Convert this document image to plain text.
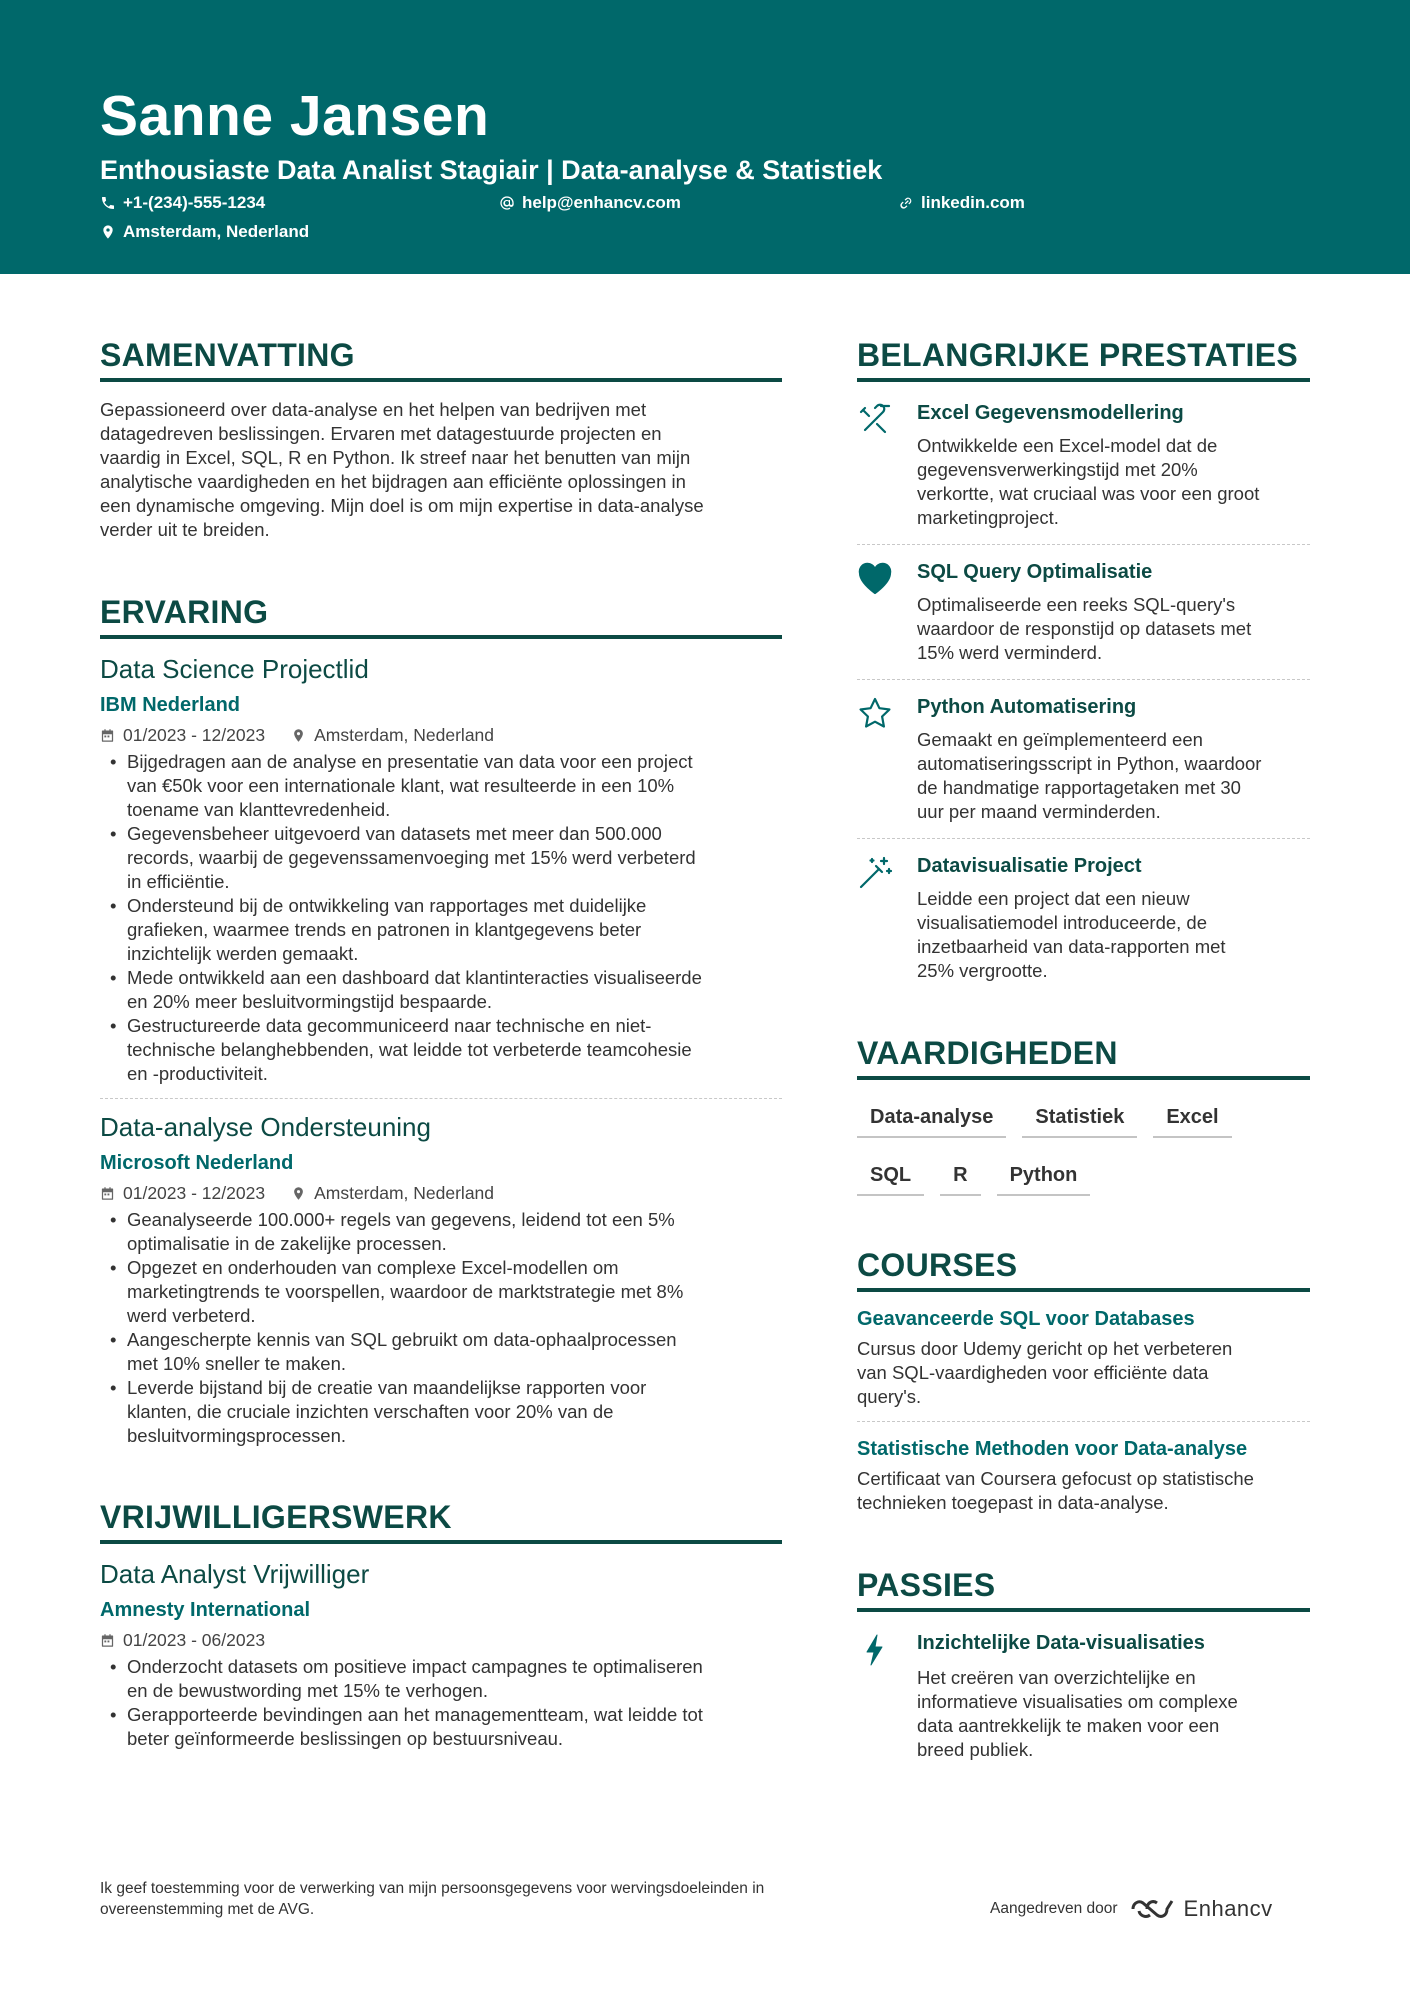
Sanne Jansen
Enthousiaste Data Analist Stagiair | Data-analyse & Statistiek
+1-(234)-555-1234	help@enhancv.com	linkedin.com
Amsterdam, Nederland
SAMENVATTING
Gepassioneerd over data-analyse en het helpen van bedrijven met
datagedreven beslissingen. Ervaren met datagestuurde projecten en
vaardig in Excel, SQL, R en Python. Ik streef naar het benutten van mijn
analytische vaardigheden en het bijdragen aan efficiënte oplossingen in
een dynamische omgeving. Mijn doel is om mijn expertise in data-analyse
verder uit te breiden.
ERVARING
Data Science Projectlid
IBM Nederland
01/2023 - 12/2023	Amsterdam, Nederland
• Bijgedragen aan de analyse en presentatie van data voor een project
van €50k voor een internationale klant, wat resulteerde in een 10%
toename van klanttevredenheid.
• Gegevensbeheer uitgevoerd van datasets met meer dan 500.000
records, waarbij de gegevenssamenvoeging met 15% werd verbeterd
in efficiëntie.
• Ondersteund bij de ontwikkeling van rapportages met duidelijke
grafieken, waarmee trends en patronen in klantgegevens beter
inzichtelijk werden gemaakt.
• Mede ontwikkeld aan een dashboard dat klantinteracties visualiseerde
en 20% meer besluitvormingstijd bespaarde.
• Gestructureerde data gecommuniceerd naar technische en niet-
technische belanghebbenden, wat leidde tot verbeterde teamcohesie
en -productiviteit.
Data-analyse Ondersteuning
Microsoft Nederland
01/2023 - 12/2023	Amsterdam, Nederland
• Geanalyseerde 100.000+ regels van gegevens, leidend tot een 5%
optimalisatie in de zakelijke processen.
• Opgezet en onderhouden van complexe Excel-modellen om
marketingtrends te voorspellen, waardoor de marktstrategie met 8%
werd verbeterd.
• Aangescherpte kennis van SQL gebruikt om data-ophaalprocessen
met 10% sneller te maken.
• Leverde bijstand bij de creatie van maandelijkse rapporten voor
klanten, die cruciale inzichten verschaften voor 20% van de
besluitvormingsprocessen.
VRIJWILLIGERSWERK
Data Analyst Vrijwilliger
Amnesty International
01/2023 - 06/2023
• Onderzocht datasets om positieve impact campagnes te optimaliseren
en de bewustwording met 15% te verhogen.
• Gerapporteerde bevindingen aan het managementteam, wat leidde tot
beter geïnformeerde beslissingen op bestuursniveau.
BELANGRIJKE PRESTATIES
Excel Gegevensmodellering
Ontwikkelde een Excel-model dat de
gegevensverwerkingstijd met 20%
verkortte, wat cruciaal was voor een groot
marketingproject.
SQL Query Optimalisatie
Optimaliseerde een reeks SQL-query's
waardoor de responstijd op datasets met
15% werd verminderd.
Python Automatisering
Gemaakt en geïmplementeerd een
automatiseringsscript in Python, waardoor
de handmatige rapportagetaken met 30
uur per maand verminderden.
Datavisualisatie Project
Leidde een project dat een nieuw
visualisatiemodel introduceerde, de
inzetbaarheid van data-rapporten met
25% vergrootte.
VAARDIGHEDEN
Data-analyse	Statistiek	Excel
SQL	R	Python
COURSES
Geavanceerde SQL voor Databases
Cursus door Udemy gericht op het verbeteren
van SQL-vaardigheden voor efficiënte data
query's.
Statistische Methoden voor Data-analyse
Certificaat van Coursera gefocust op statistische
technieken toegepast in data-analyse.
PASSIES
Inzichtelijke Data-visualisaties
Het creëren van overzichtelijke en
informatieve visualisaties om complexe
data aantrekkelijk te maken voor een
breed publiek.
Ik geef toestemming voor de verwerking van mijn persoonsgegevens voor wervingsdoeleinden in
overeenstemming met de AVG.	Aangedreven door	Enhancv
